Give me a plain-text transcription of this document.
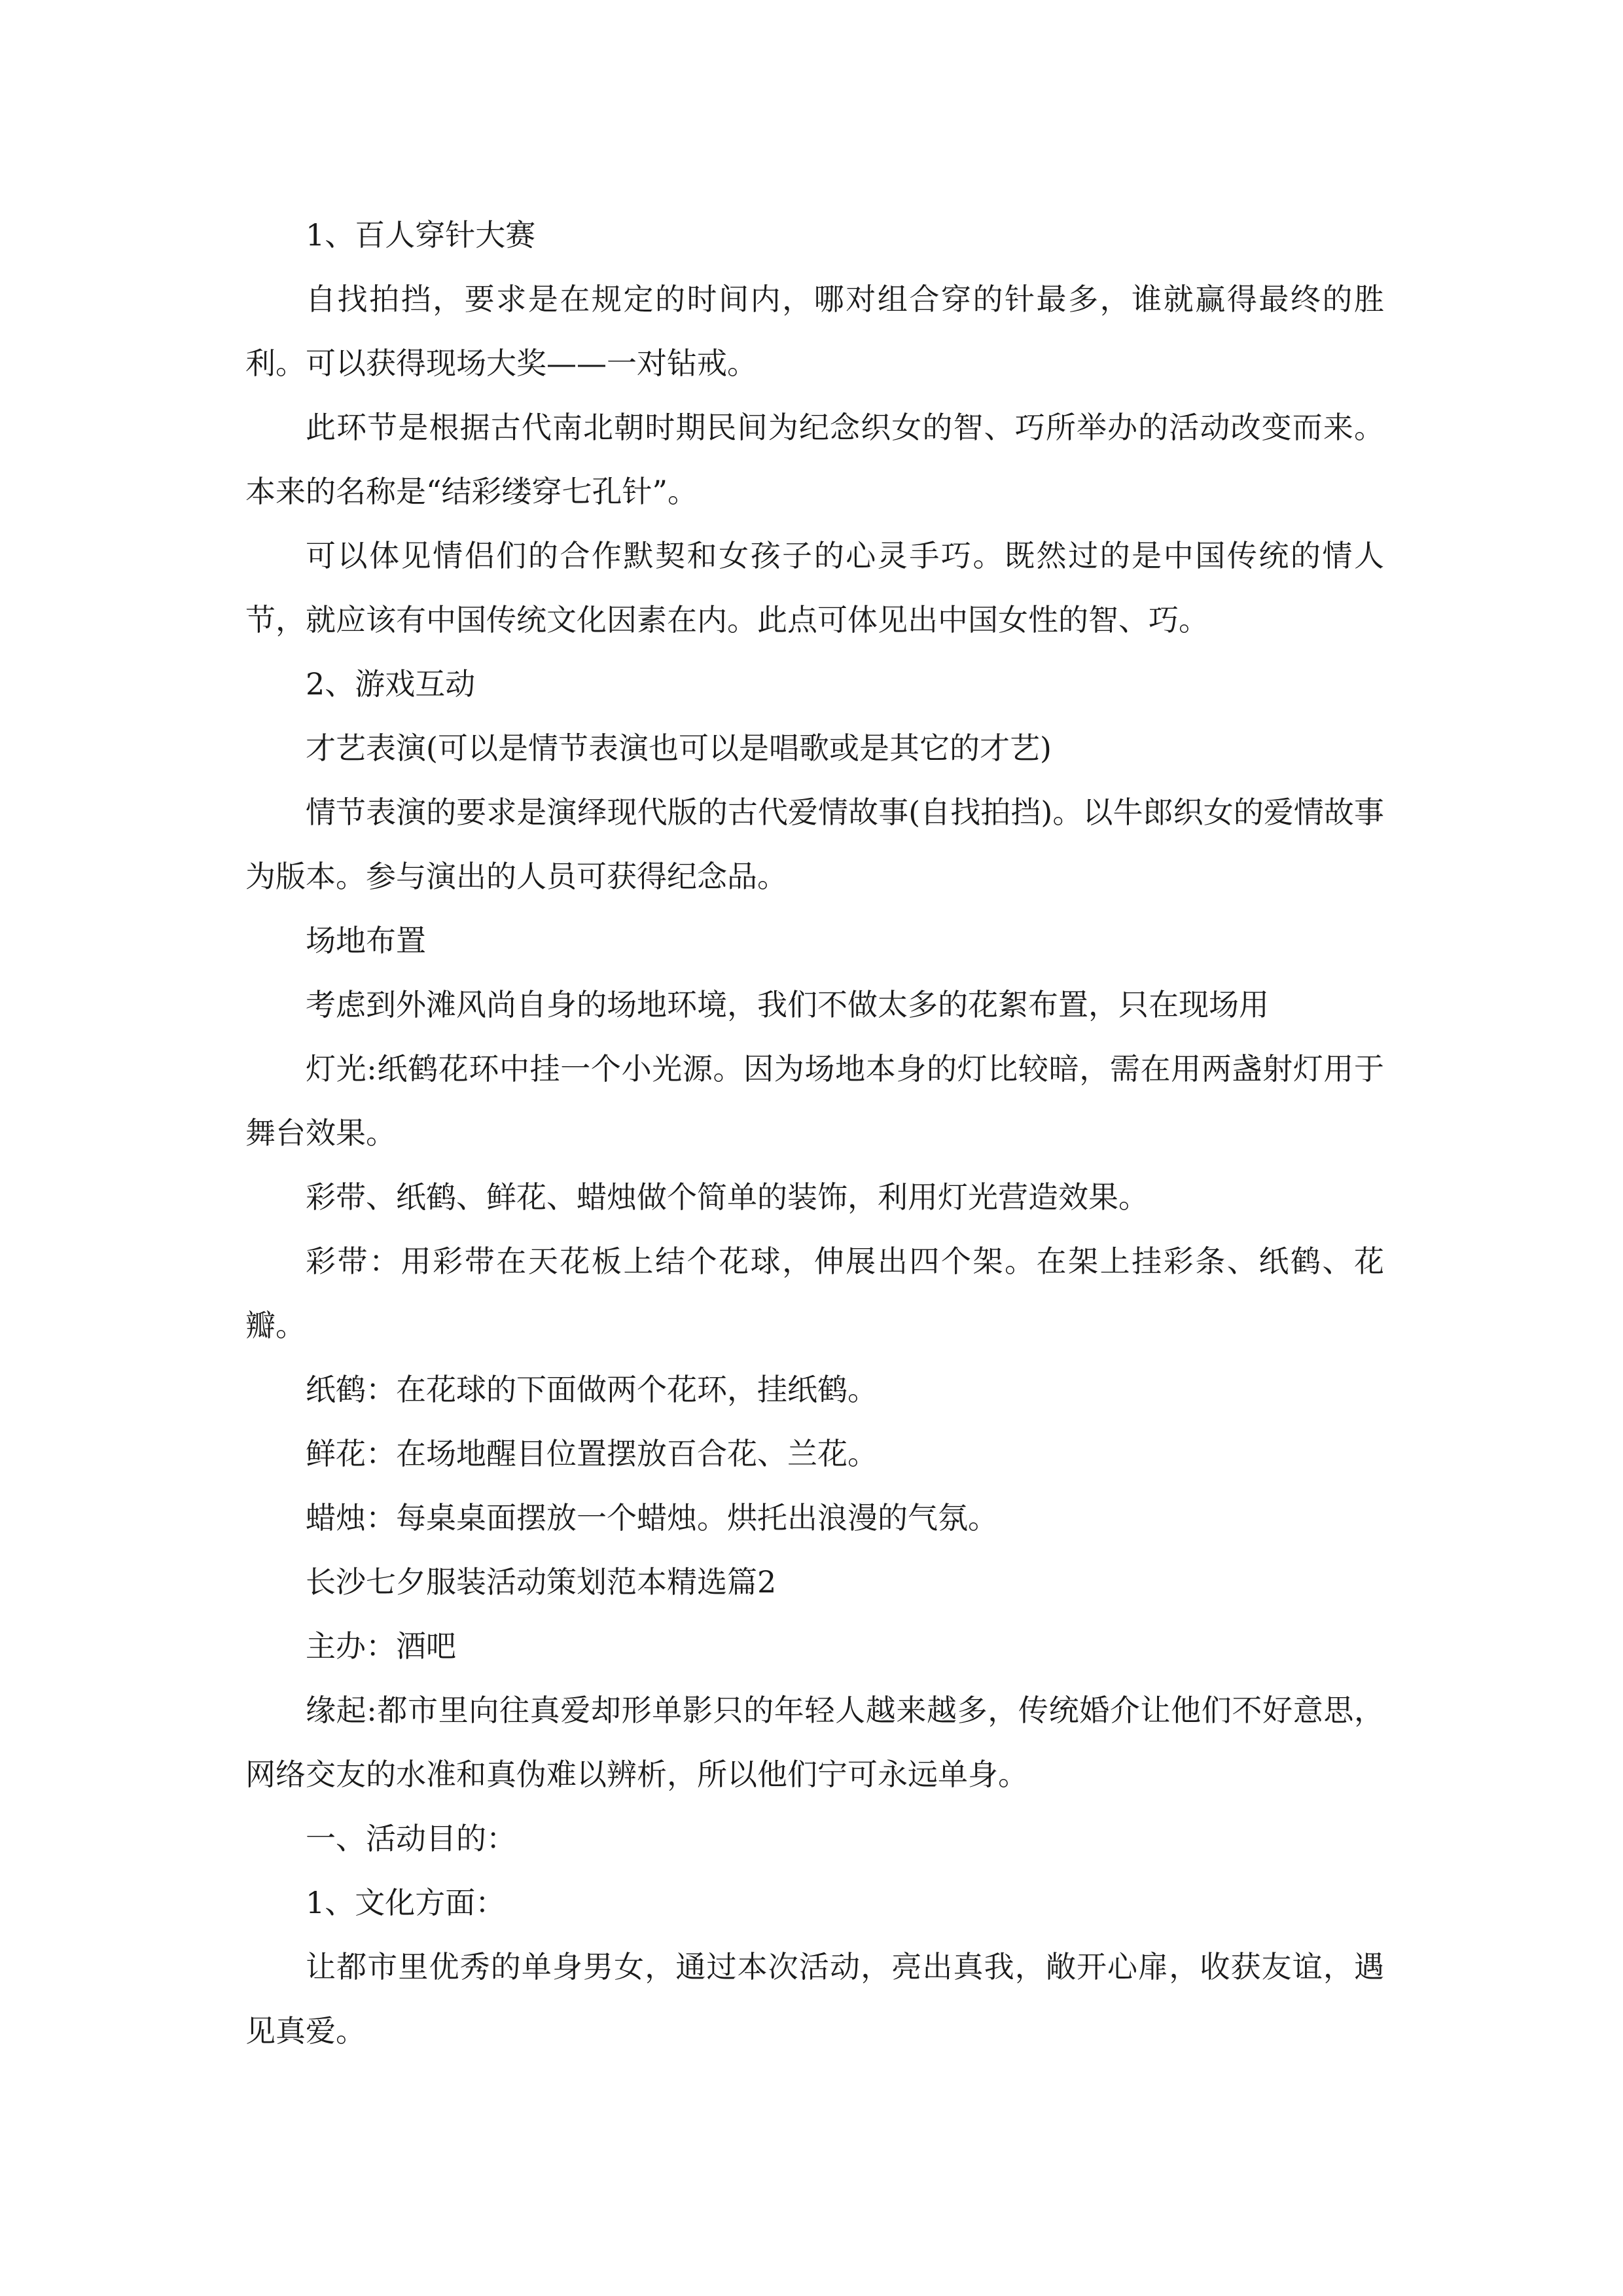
1、百人穿针大赛

自找拍挡，要求是在规定的时间内，哪对组合穿的针最多，谁就赢得最终的胜利。可以获得现场大奖——一对钻戒。

此环节是根据古代南北朝时期民间为纪念织女的智、巧所举办的活动改变而来。本来的名称是“结彩缕穿七孔针”。

可以体见情侣们的合作默契和女孩子的心灵手巧。既然过的是中国传统的情人节，就应该有中国传统文化因素在内。此点可体见出中国女性的智、巧。

2、游戏互动

才艺表演(可以是情节表演也可以是唱歌或是其它的才艺)

情节表演的要求是演绎现代版的古代爱情故事(自找拍挡)。以牛郎织女的爱情故事为版本。参与演出的人员可获得纪念品。

场地布置

考虑到外滩风尚自身的场地环境，我们不做太多的花絮布置，只在现场用

灯光:纸鹤花环中挂一个小光源。因为场地本身的灯比较暗，需在用两盏射灯用于舞台效果。

彩带、纸鹤、鲜花、蜡烛做个简单的装饰，利用灯光营造效果。

彩带：用彩带在天花板上结个花球，伸展出四个架。在架上挂彩条、纸鹤、花瓣。

纸鹤：在花球的下面做两个花环，挂纸鹤。

鲜花：在场地醒目位置摆放百合花、兰花。

蜡烛：每桌桌面摆放一个蜡烛。烘托出浪漫的气氛。

长沙七夕服装活动策划范本精选篇2

主办：酒吧

缘起:都市里向往真爱却形单影只的年轻人越来越多，传统婚介让他们不好意思，网络交友的水准和真伪难以辨析，所以他们宁可永远单身。

一、活动目的：

1、文化方面：

让都市里优秀的单身男女，通过本次活动，亮出真我，敞开心扉，收获友谊，遇见真爱。
